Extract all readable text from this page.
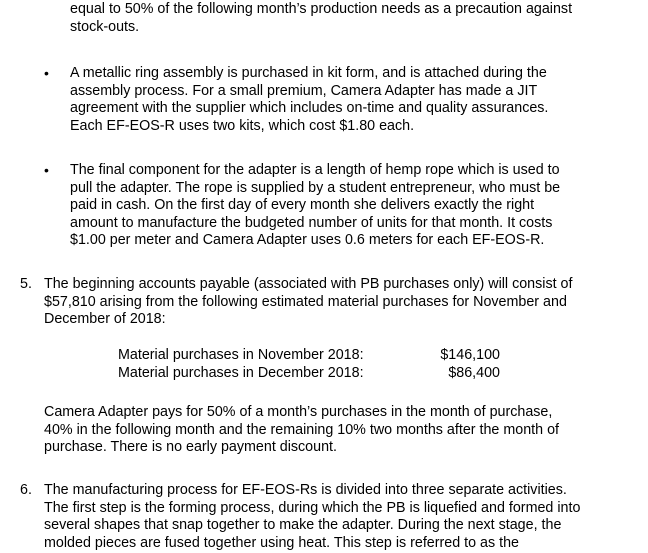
equal to 50% of the following month’s production needs as a precaution against
stock-outs.
• A metallic ring assembly is purchased in kit form, and is attached during the
assembly process. For a small premium, Camera Adapter has made a JIT
agreement with the supplier which includes on-time and quality assurances.
Each EF-EOS-R uses two kits, which cost $1.80 each.
• The final component for the adapter is a length of hemp rope which is used to
pull the adapter. The rope is supplied by a student entrepreneur, who must be
paid in cash. On the first day of every month she delivers exactly the right
amount to manufacture the budgeted number of units for that month. It costs
$1.00 per meter and Camera Adapter uses 0.6 meters for each EF-EOS-R.
5. The beginning accounts payable (associated with PB purchases only) will consist of
$57,810 arising from the following estimated material purchases for November and
December of 2018:
Material purchases in November 2018:	$146,100
Material purchases in December 2018:	$86,400
Camera Adapter pays for 50% of a month’s purchases in the month of purchase,
40% in the following month and the remaining 10% two months after the month of
purchase. There is no early payment discount.
6. The manufacturing process for EF-EOS-Rs is divided into three separate activities.
The first step is the forming process, during which the PB is liquefied and formed into
several shapes that snap together to make the adapter. During the next stage, the
molded pieces are fused together using heat. This step is referred to as the
